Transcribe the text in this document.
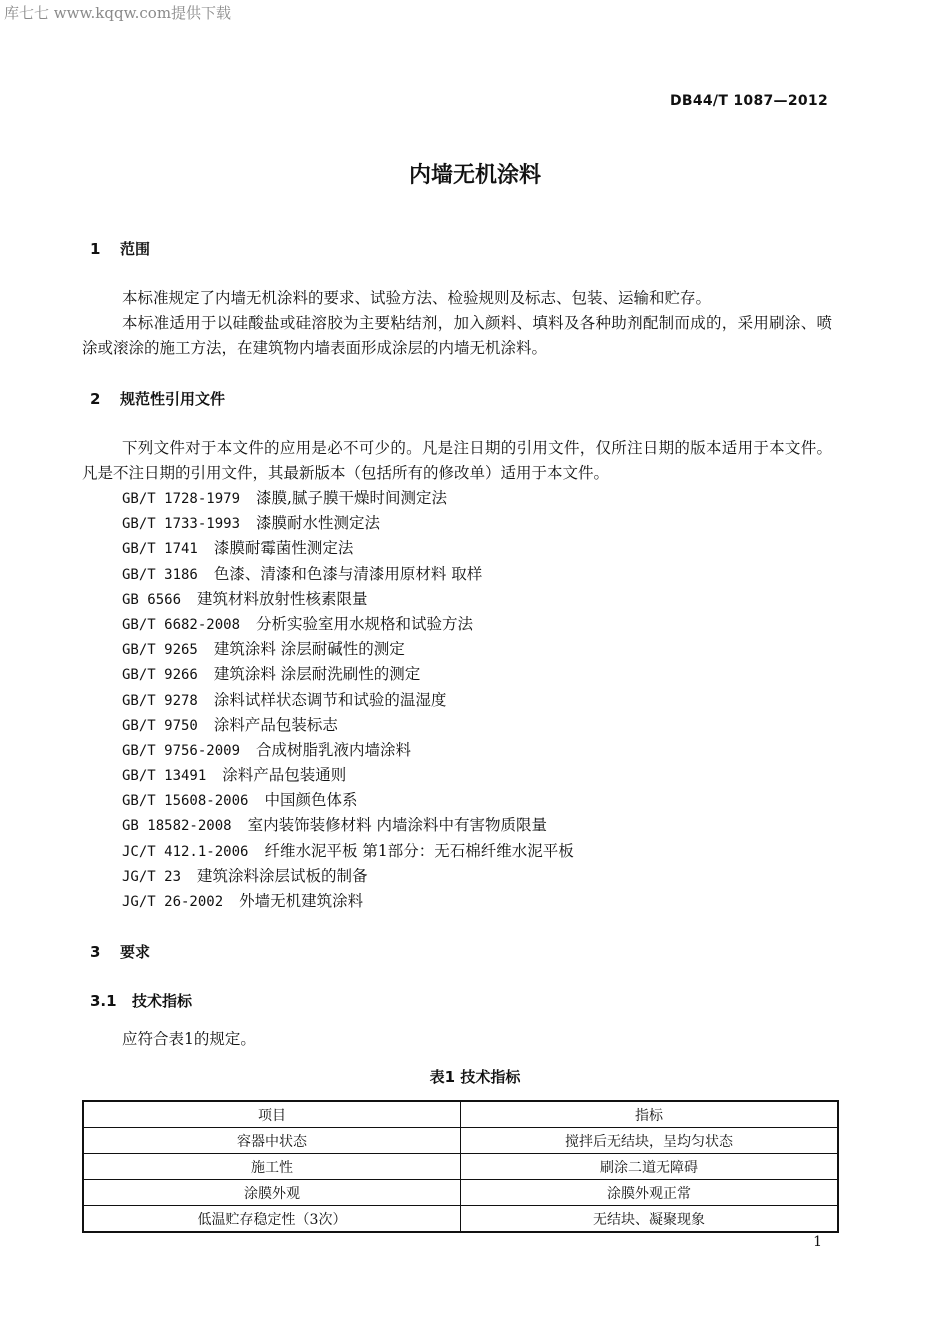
库七七 www.kqqw.com提供下载
DB44/T 1087—2012
内墙无机涂料
1 范围
本标准规定了内墙无机涂料的要求、试验方法、检验规则及标志、包装、运输和贮存。
本标准适用于以硅酸盐或硅溶胶为主要粘结剂，加入颜料、填料及各种助剂配制而成的，采用刷涂、喷涂或滚涂的施工方法，在建筑物内墙表面形成涂层的内墙无机涂料。
2 规范性引用文件
下列文件对于本文件的应用是必不可少的。凡是注日期的引用文件，仅所注日期的版本适用于本文件。凡是不注日期的引用文件，其最新版本（包括所有的修改单）适用于本文件。
GB/T 1728-1979 漆膜,腻子膜干燥时间测定法
GB/T 1733-1993 漆膜耐水性测定法
GB/T 1741 漆膜耐霉菌性测定法
GB/T 3186 色漆、清漆和色漆与清漆用原材料 取样
GB 6566 建筑材料放射性核素限量
GB/T 6682-2008 分析实验室用水规格和试验方法
GB/T 9265 建筑涂料 涂层耐碱性的测定
GB/T 9266 建筑涂料 涂层耐洗刷性的测定
GB/T 9278 涂料试样状态调节和试验的温湿度
GB/T 9750 涂料产品包装标志
GB/T 9756-2009 合成树脂乳液内墙涂料
GB/T 13491 涂料产品包装通则
GB/T 15608-2006 中国颜色体系
GB 18582-2008 室内装饰装修材料 内墙涂料中有害物质限量
JC/T 412.1-2006 纤维水泥平板 第1部分：无石棉纤维水泥平板
JG/T 23 建筑涂料涂层试板的制备
JG/T 26-2002 外墙无机建筑涂料
3 要求
3.1 技术指标
应符合表1的规定。
表1 技术指标
项目	指标
容器中状态	搅拌后无结块，呈均匀状态
施工性	刷涂二道无障碍
涂膜外观	涂膜外观正常
低温贮存稳定性（3次）	无结块、凝聚现象
1
